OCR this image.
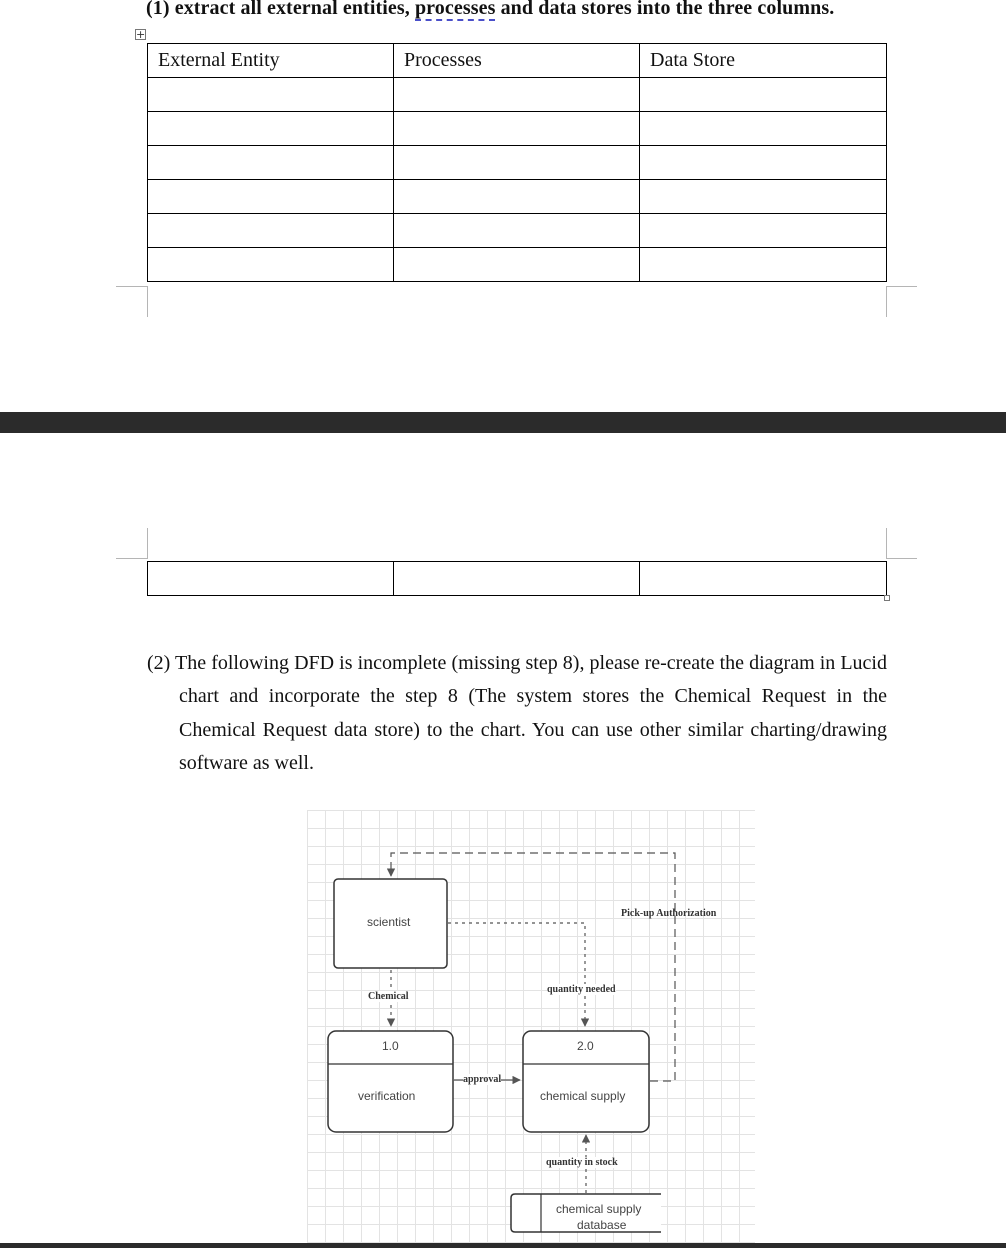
(1) extract all external entities, processes and data stores into the three columns.
+
External Entity	Processes	Data Store

(2) The following DFD is incomplete (missing step 8), please re-create the diagram in Lucid chart and incorporate the step 8 (The system stores the Chemical Request in the Chemical Request data store) to the chart. You can use other similar charting/drawing software as well.
scientist
Chemical
1.0
verification
approval
2.0
chemical supply
quantity needed
Pick-up Authorization
quantity in stock
chemical supply
database
